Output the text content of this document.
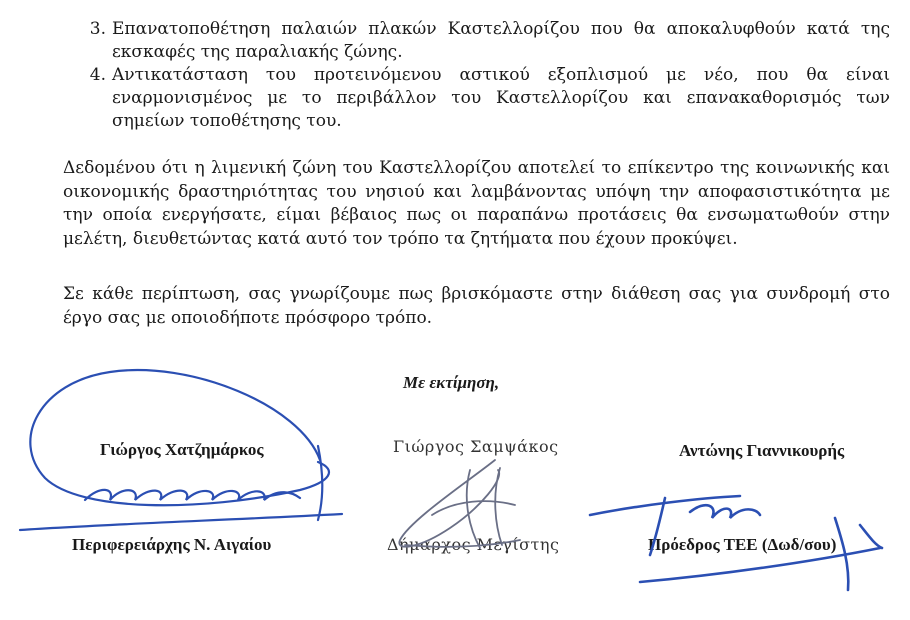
3. Επανατοποθέτηση παλαιών πλακών Καστελλορίζου που θα αποκαλυφθούν κατά της εκσκαφές της παραλιακής ζώνης.
4. Αντικατάσταση του προτεινόμενου αστικού εξοπλισμού με νέο, που θα είναι εναρμονισμένος με το περιβάλλον του Καστελλορίζου και επανακαθορισμός των σημείων τοποθέτησης του.

Δεδομένου ότι η λιμενική ζώνη του Καστελλορίζου αποτελεί το επίκεντρο της κοινωνικής και οικονομικής δραστηριότητας του νησιού και λαμβάνοντας υπόψη την αποφασιστικότητα με την οποία ενεργήσατε, είμαι βέβαιος πως οι παραπάνω προτάσεις θα ενσωματωθούν στην μελέτη, διευθετώντας κατά αυτό τον τρόπο τα ζητήματα που έχουν προκύψει.

Σε κάθε περίπτωση, σας γνωρίζουμε πως βρισκόμαστε στην διάθεση σας για συνδρομή στο έργο σας με οποιοδήποτε πρόσφορο τρόπο.

Με εκτίμηση,
Γιώργος Χατζημάρκος	Γιώργος Σαμψάκος	Αντώνης Γιαννικουρής
Περιφερειάρχης Ν. Αιγαίου	Δήμαρχος Μεγίστης	Πρόεδρος ΤΕΕ (Δωδ/σου)
